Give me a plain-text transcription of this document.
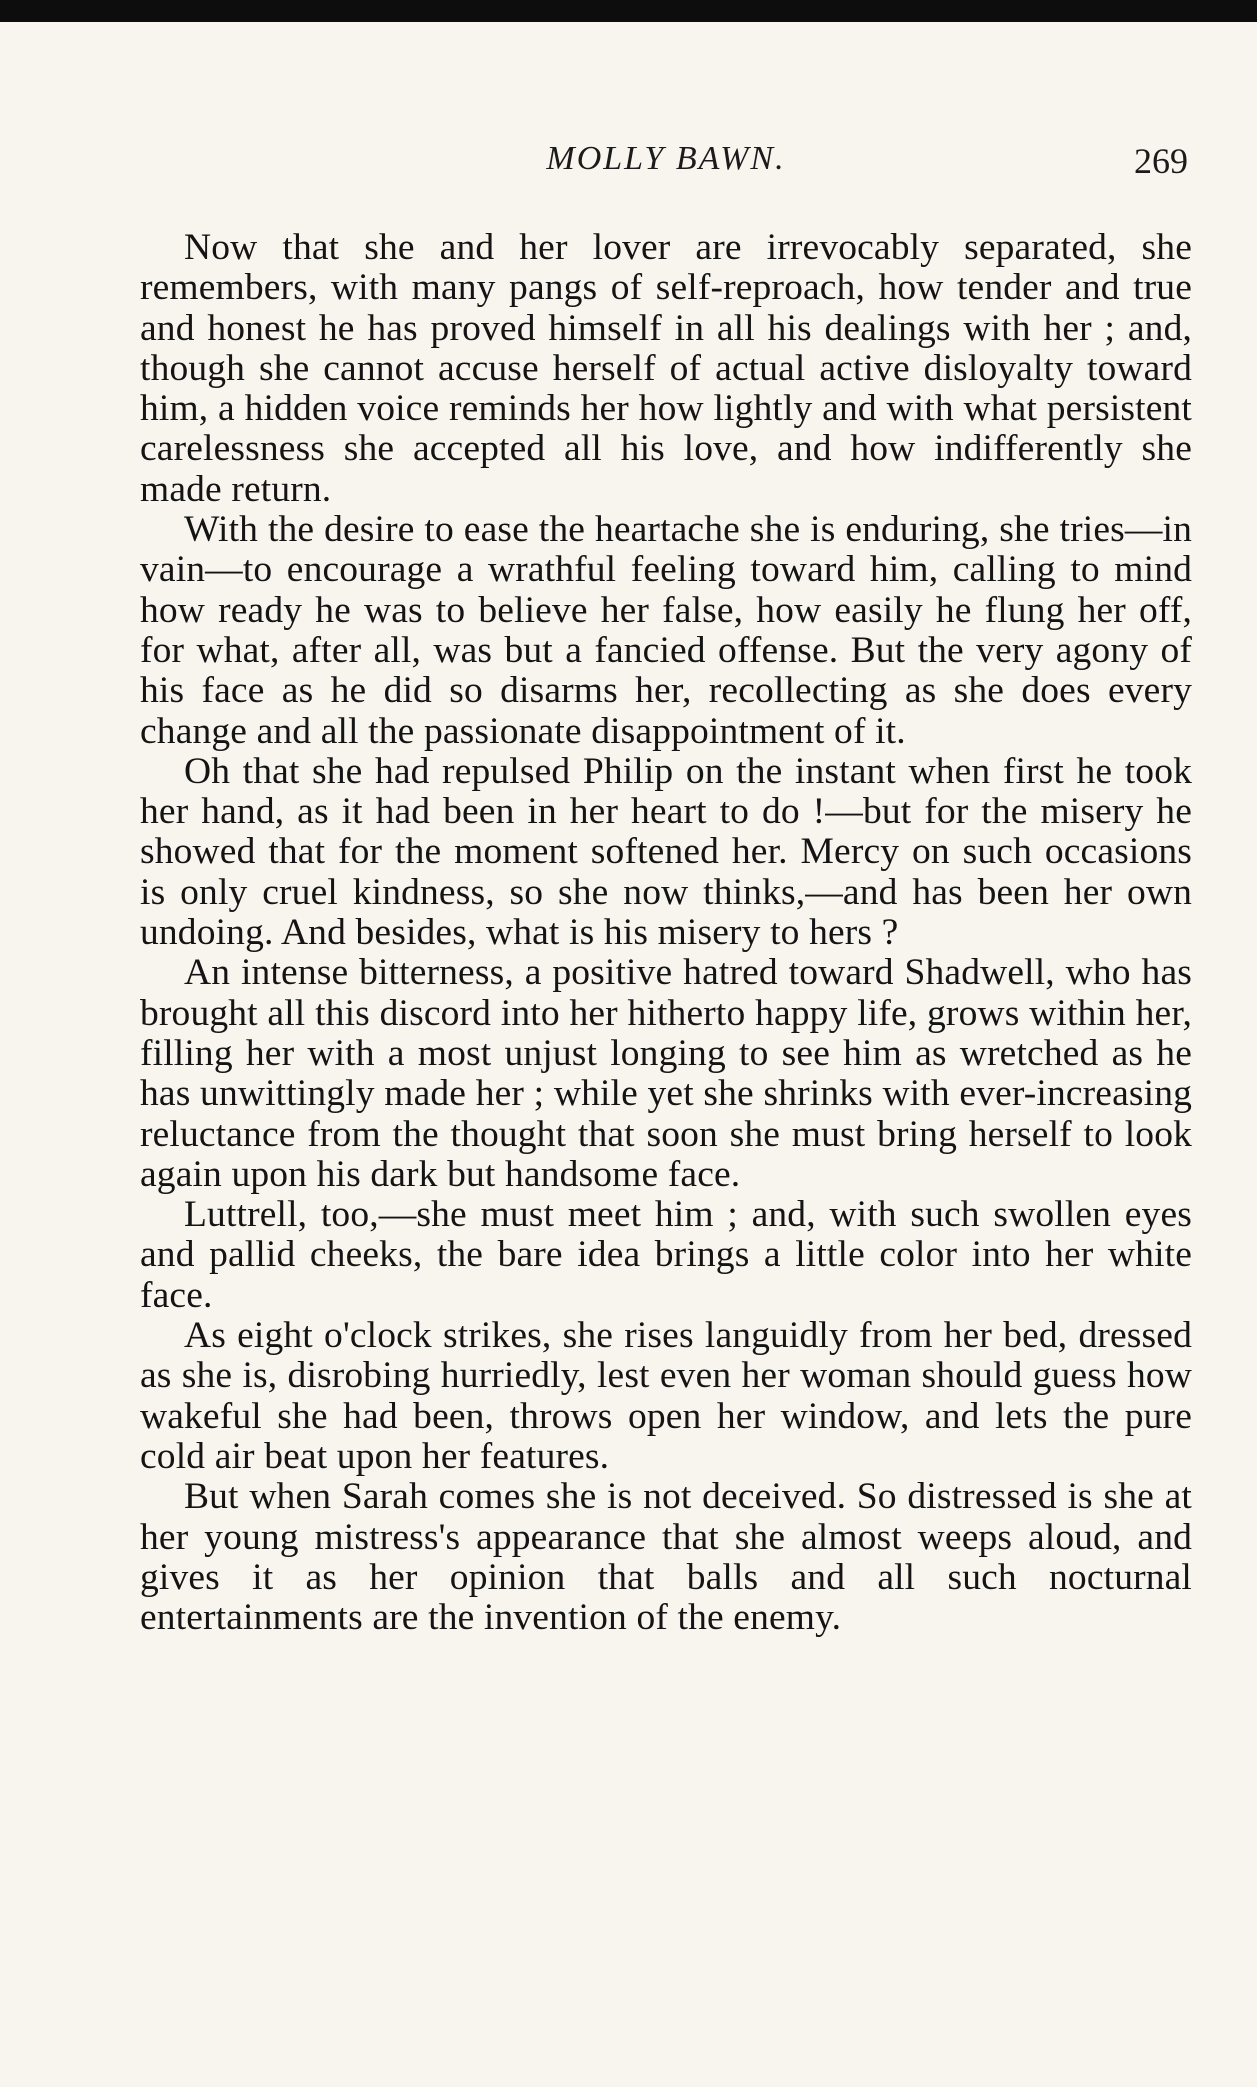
MOLLY BAWN.	269

Now that she and her lover are irrevocably separated, she remembers, with many pangs of self-reproach, how tender and true and honest he has proved himself in all his dealings with her ; and, though she cannot accuse herself of actual active disloyalty toward him, a hidden voice reminds her how lightly and with what persistent carelessness she accepted all his love, and how indifferently she made return.

With the desire to ease the heartache she is enduring, she tries—in vain—to encourage a wrathful feeling toward him, calling to mind how ready he was to believe her false, how easily he flung her off, for what, after all, was but a fancied offense. But the very agony of his face as he did so disarms her, recollecting as she does every change and all the passionate disappointment of it.

Oh that she had repulsed Philip on the instant when first he took her hand, as it had been in her heart to do !—but for the misery he showed that for the moment softened her. Mercy on such occasions is only cruel kindness, so she now thinks,—and has been her own undoing. And besides, what is his misery to hers ?

An intense bitterness, a positive hatred toward Shadwell, who has brought all this discord into her hitherto happy life, grows within her, filling her with a most unjust longing to see him as wretched as he has unwittingly made her ; while yet she shrinks with ever-increasing reluctance from the thought that soon she must bring herself to look again upon his dark but handsome face.

Luttrell, too,—she must meet him ; and, with such swollen eyes and pallid cheeks, the bare idea brings a little color into her white face.

As eight o'clock strikes, she rises languidly from her bed, dressed as she is, disrobing hurriedly, lest even her woman should guess how wakeful she had been, throws open her window, and lets the pure cold air beat upon her features.

But when Sarah comes she is not deceived. So distressed is she at her young mistress's appearance that she almost weeps aloud, and gives it as her opinion that balls and all such nocturnal entertainments are the invention of the enemy.
